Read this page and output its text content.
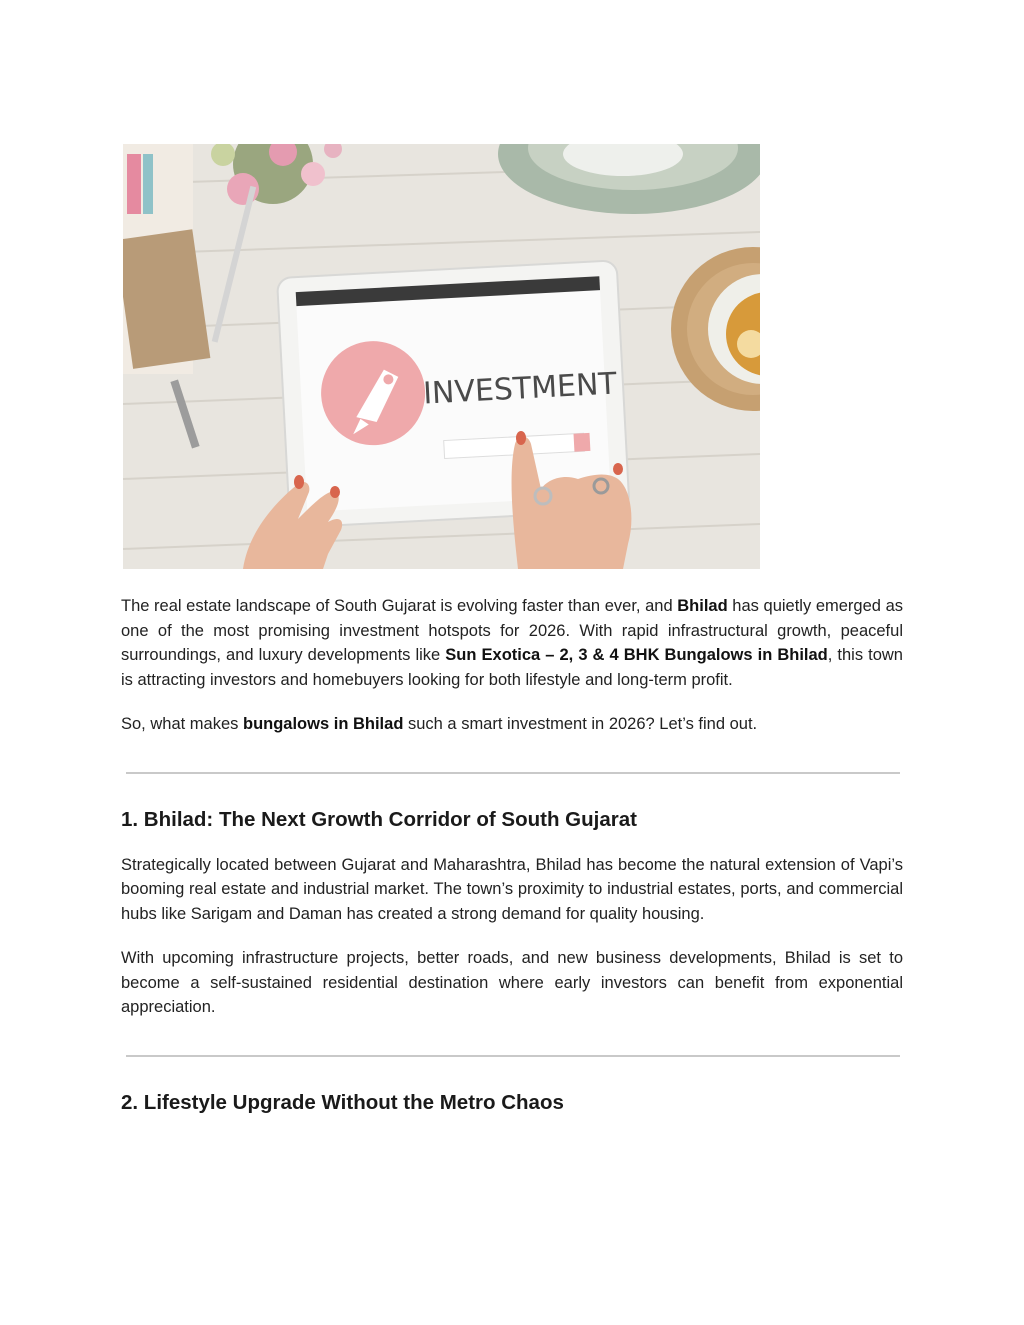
INVESTMENT

The real estate landscape of South Gujarat is evolving faster than ever, and Bhilad has quietly emerged as one of the most promising investment hotspots for 2026. With rapid infrastructural growth, peaceful surroundings, and luxury developments like Sun Exotica – 2, 3 & 4 BHK Bungalows in Bhilad, this town is attracting investors and homebuyers looking for both lifestyle and long-term profit.

So, what makes bungalows in Bhilad such a smart investment in 2026? Let’s find out.

1. Bhilad: The Next Growth Corridor of South Gujarat

Strategically located between Gujarat and Maharashtra, Bhilad has become the natural extension of Vapi’s booming real estate and industrial market. The town’s proximity to industrial estates, ports, and commercial hubs like Sarigam and Daman has created a strong demand for quality housing.

With upcoming infrastructure projects, better roads, and new business developments, Bhilad is set to become a self-sustained residential destination where early investors can benefit from exponential appreciation.

2. Lifestyle Upgrade Without the Metro Chaos
